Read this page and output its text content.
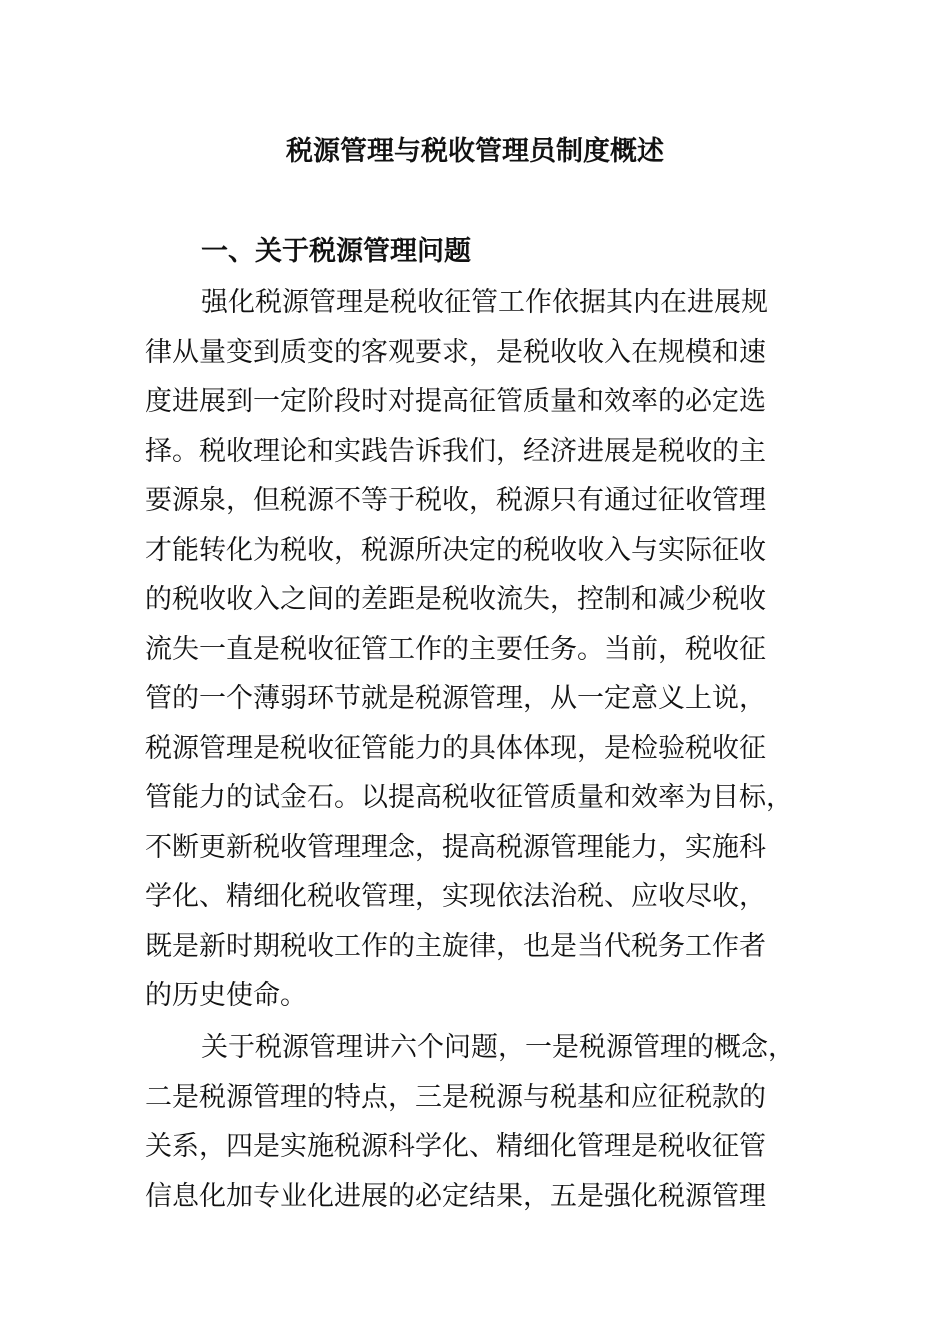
税源管理与税收管理员制度概述
一、关于税源管理问题
强化税源管理是税收征管工作依据其内在进展规
律从量变到质变的客观要求，是税收收入在规模和速
度进展到一定阶段时对提高征管质量和效率的必定选
择。税收理论和实践告诉我们，经济进展是税收的主
要源泉，但税源不等于税收，税源只有通过征收管理
才能转化为税收，税源所决定的税收收入与实际征收
的税收收入之间的差距是税收流失，控制和减少税收
流失一直是税收征管工作的主要任务。当前，税收征
管的一个薄弱环节就是税源管理，从一定意义上说，
税源管理是税收征管能力的具体体现，是检验税收征
管能力的试金石。以提高税收征管质量和效率为目标，
不断更新税收管理理念，提高税源管理能力，实施科
学化、精细化税收管理，实现依法治税、应收尽收，
既是新时期税收工作的主旋律，也是当代税务工作者
的历史使命。
关于税源管理讲六个问题，一是税源管理的概念，
二是税源管理的特点，三是税源与税基和应征税款的
关系，四是实施税源科学化、精细化管理是税收征管
信息化加专业化进展的必定结果，五是强化税源管理
